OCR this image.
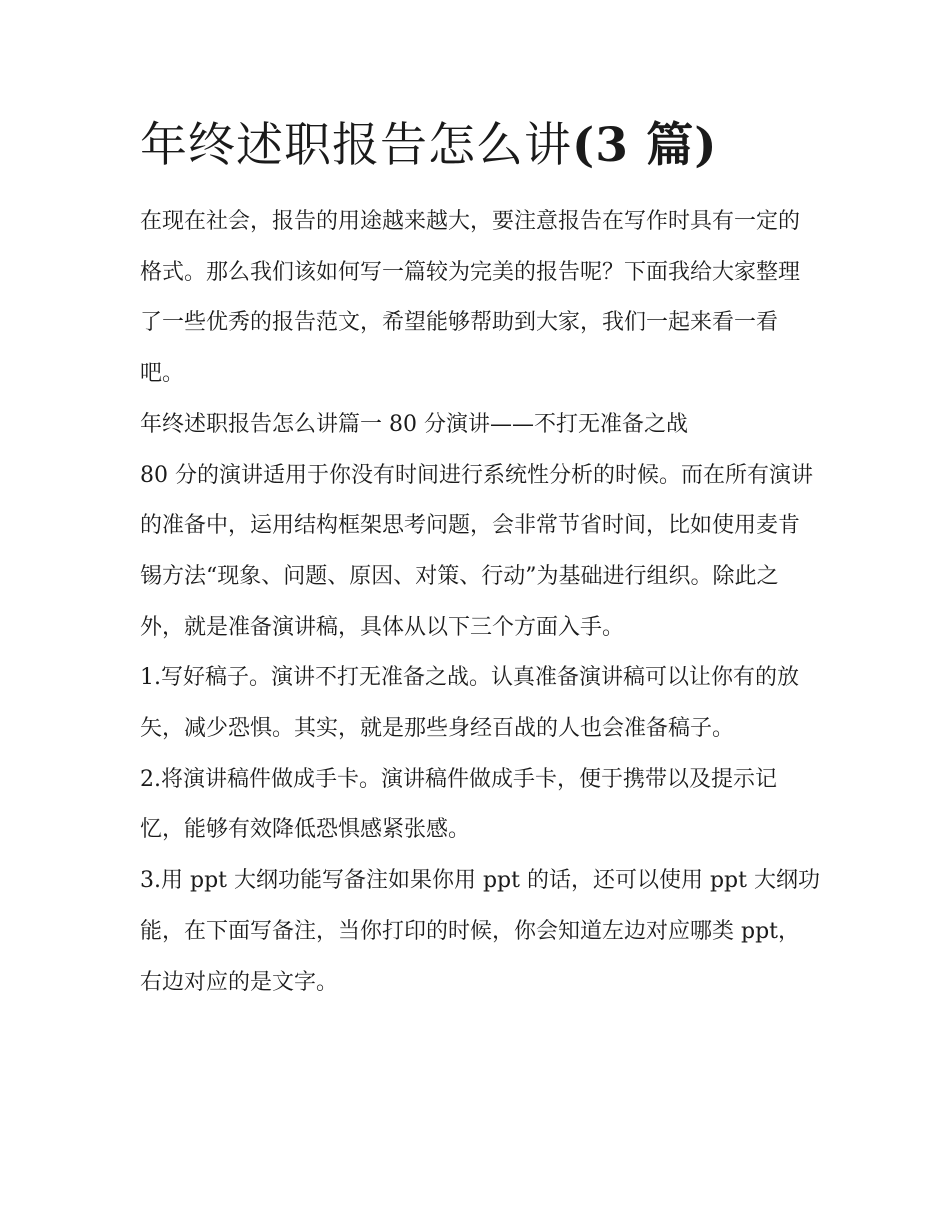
年终述职报告怎么讲(3 篇)

在现在社会，报告的用途越来越大，要注意报告在写作时具有一定的格式。那么我们该如何写一篇较为完美的报告呢？下面我给大家整理了一些优秀的报告范文，希望能够帮助到大家，我们一起来看一看吧。

年终述职报告怎么讲篇一 80 分演讲——不打无准备之战

80 分的演讲适用于你没有时间进行系统性分析的时候。而在所有演讲的准备中，运用结构框架思考问题，会非常节省时间，比如使用麦肯锡方法“现象、问题、原因、对策、行动”为基础进行组织。除此之外，就是准备演讲稿，具体从以下三个方面入手。

1.写好稿子。演讲不打无准备之战。认真准备演讲稿可以让你有的放矢，减少恐惧。其实，就是那些身经百战的人也会准备稿子。

2.将演讲稿件做成手卡。演讲稿件做成手卡，便于携带以及提示记忆，能够有效降低恐惧感紧张感。

3.用 ppt 大纲功能写备注如果你用 ppt 的话，还可以使用 ppt 大纲功能，在下面写备注，当你打印的时候，你会知道左边对应哪类 ppt，右边对应的是文字。
